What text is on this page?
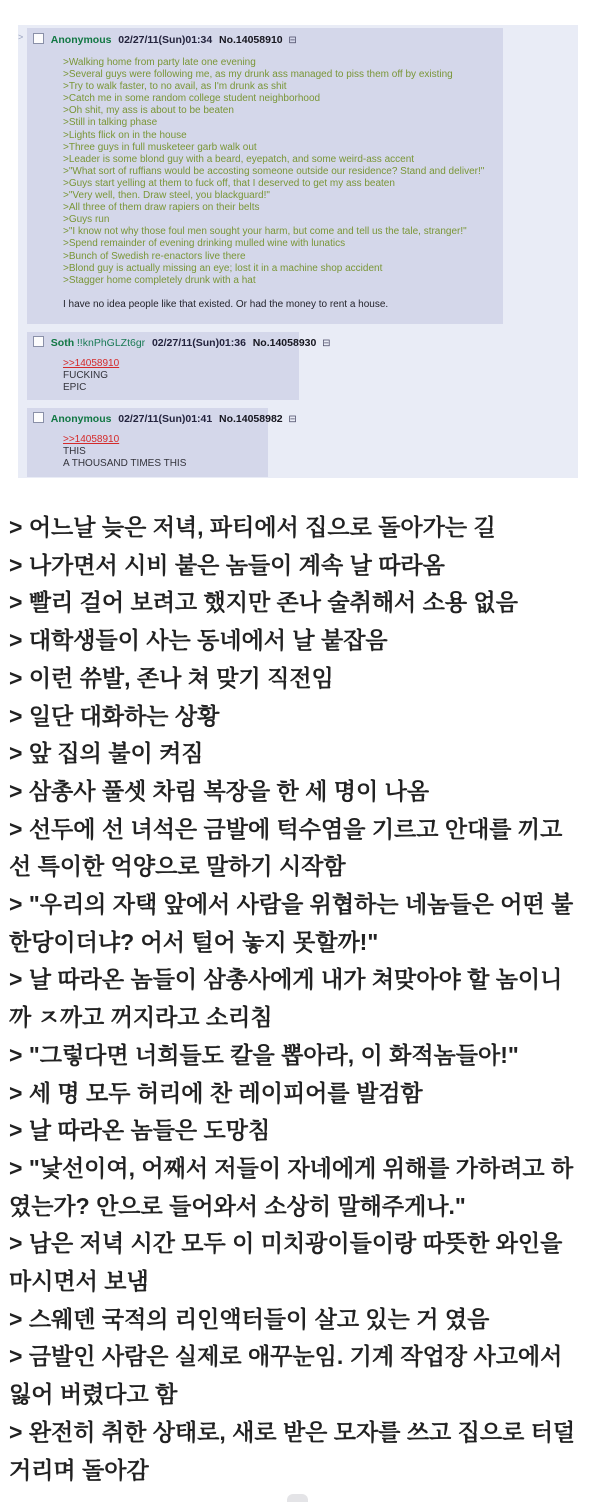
>	Anonymous 02/27/11(Sun)01:34 No.14058910 ⊟
>Walking home from party late one evening
>Several guys were following me, as my drunk ass managed to piss them off by existing
>Try to walk faster, to no avail, as I'm drunk as shit
>Catch me in some random college student neighborhood
>Oh shit, my ass is about to be beaten
>Still in talking phase
>Lights flick on in the house
>Three guys in full musketeer garb walk out
>Leader is some blond guy with a beard, eyepatch, and some weird-ass accent
>"What sort of ruffians would be accosting someone outside our residence? Stand and deliver!"
>Guys start yelling at them to fuck off, that I deserved to get my ass beaten
>"Very well, then. Draw steel, you blackguard!"
>All three of them draw rapiers on their belts
>Guys run
>"I know not why those foul men sought your harm, but come and tell us the tale, stranger!"
>Spend remainder of evening drinking mulled wine with lunatics
>Bunch of Swedish re-enactors live there
>Blond guy is actually missing an eye; lost it in a machine shop accident
>Stagger home completely drunk with a hat
I have no idea people like that existed. Or had the money to rent a house.
Soth !!knPhGLZt6gr 02/27/11(Sun)01:36 No.14058930 ⊟
>>14058910
FUCKING
EPIC
Anonymous 02/27/11(Sun)01:41 No.14058982 ⊟
>>14058910
THIS
A THOUSAND TIMES THIS
> 어느날 늦은 저녁, 파티에서 집으로 돌아가는 길
> 나가면서 시비 붙은 놈들이 계속 날 따라옴
> 빨리 걸어 보려고 했지만 존나 술취해서 소용 없음
> 대학생들이 사는 동네에서 날 붙잡음
> 이런 쓔발, 존나 쳐 맞기 직전임
> 일단 대화하는 상황
> 앞 집의 불이 켜짐
> 삼총사 풀셋 차림 복장을 한 세 명이 나옴
> 선두에 선 녀석은 금발에 턱수염을 기르고 안대를 끼고
선 특이한 억양으로 말하기 시작함
> "우리의 자택 앞에서 사람을 위협하는 네놈들은 어떤 불
한당이더냐? 어서 털어 놓지 못할까!"
> 날 따라온 놈들이 삼총사에게 내가 쳐맞아야 할 놈이니
까 ㅈ까고 꺼지라고 소리침
> "그렇다면 너희들도 칼을 뽑아라, 이 화적놈들아!"
> 세 명 모두 허리에 찬 레이피어를 발검함
> 날 따라온 놈들은 도망침
> "낯선이여, 어째서 저들이 자네에게 위해를 가하려고 하
였는가? 안으로 들어와서 소상히 말해주게나."
> 남은 저녁 시간 모두 이 미치광이들이랑 따뜻한 와인을
마시면서 보냄
> 스웨덴 국적의 리인액터들이 살고 있는 거 였음
> 금발인 사람은 실제로 애꾸눈임. 기계 작업장 사고에서
잃어 버렸다고 함
> 완전히 취한 상태로, 새로 받은 모자를 쓰고 집으로 터덜
거리며 돌아감
